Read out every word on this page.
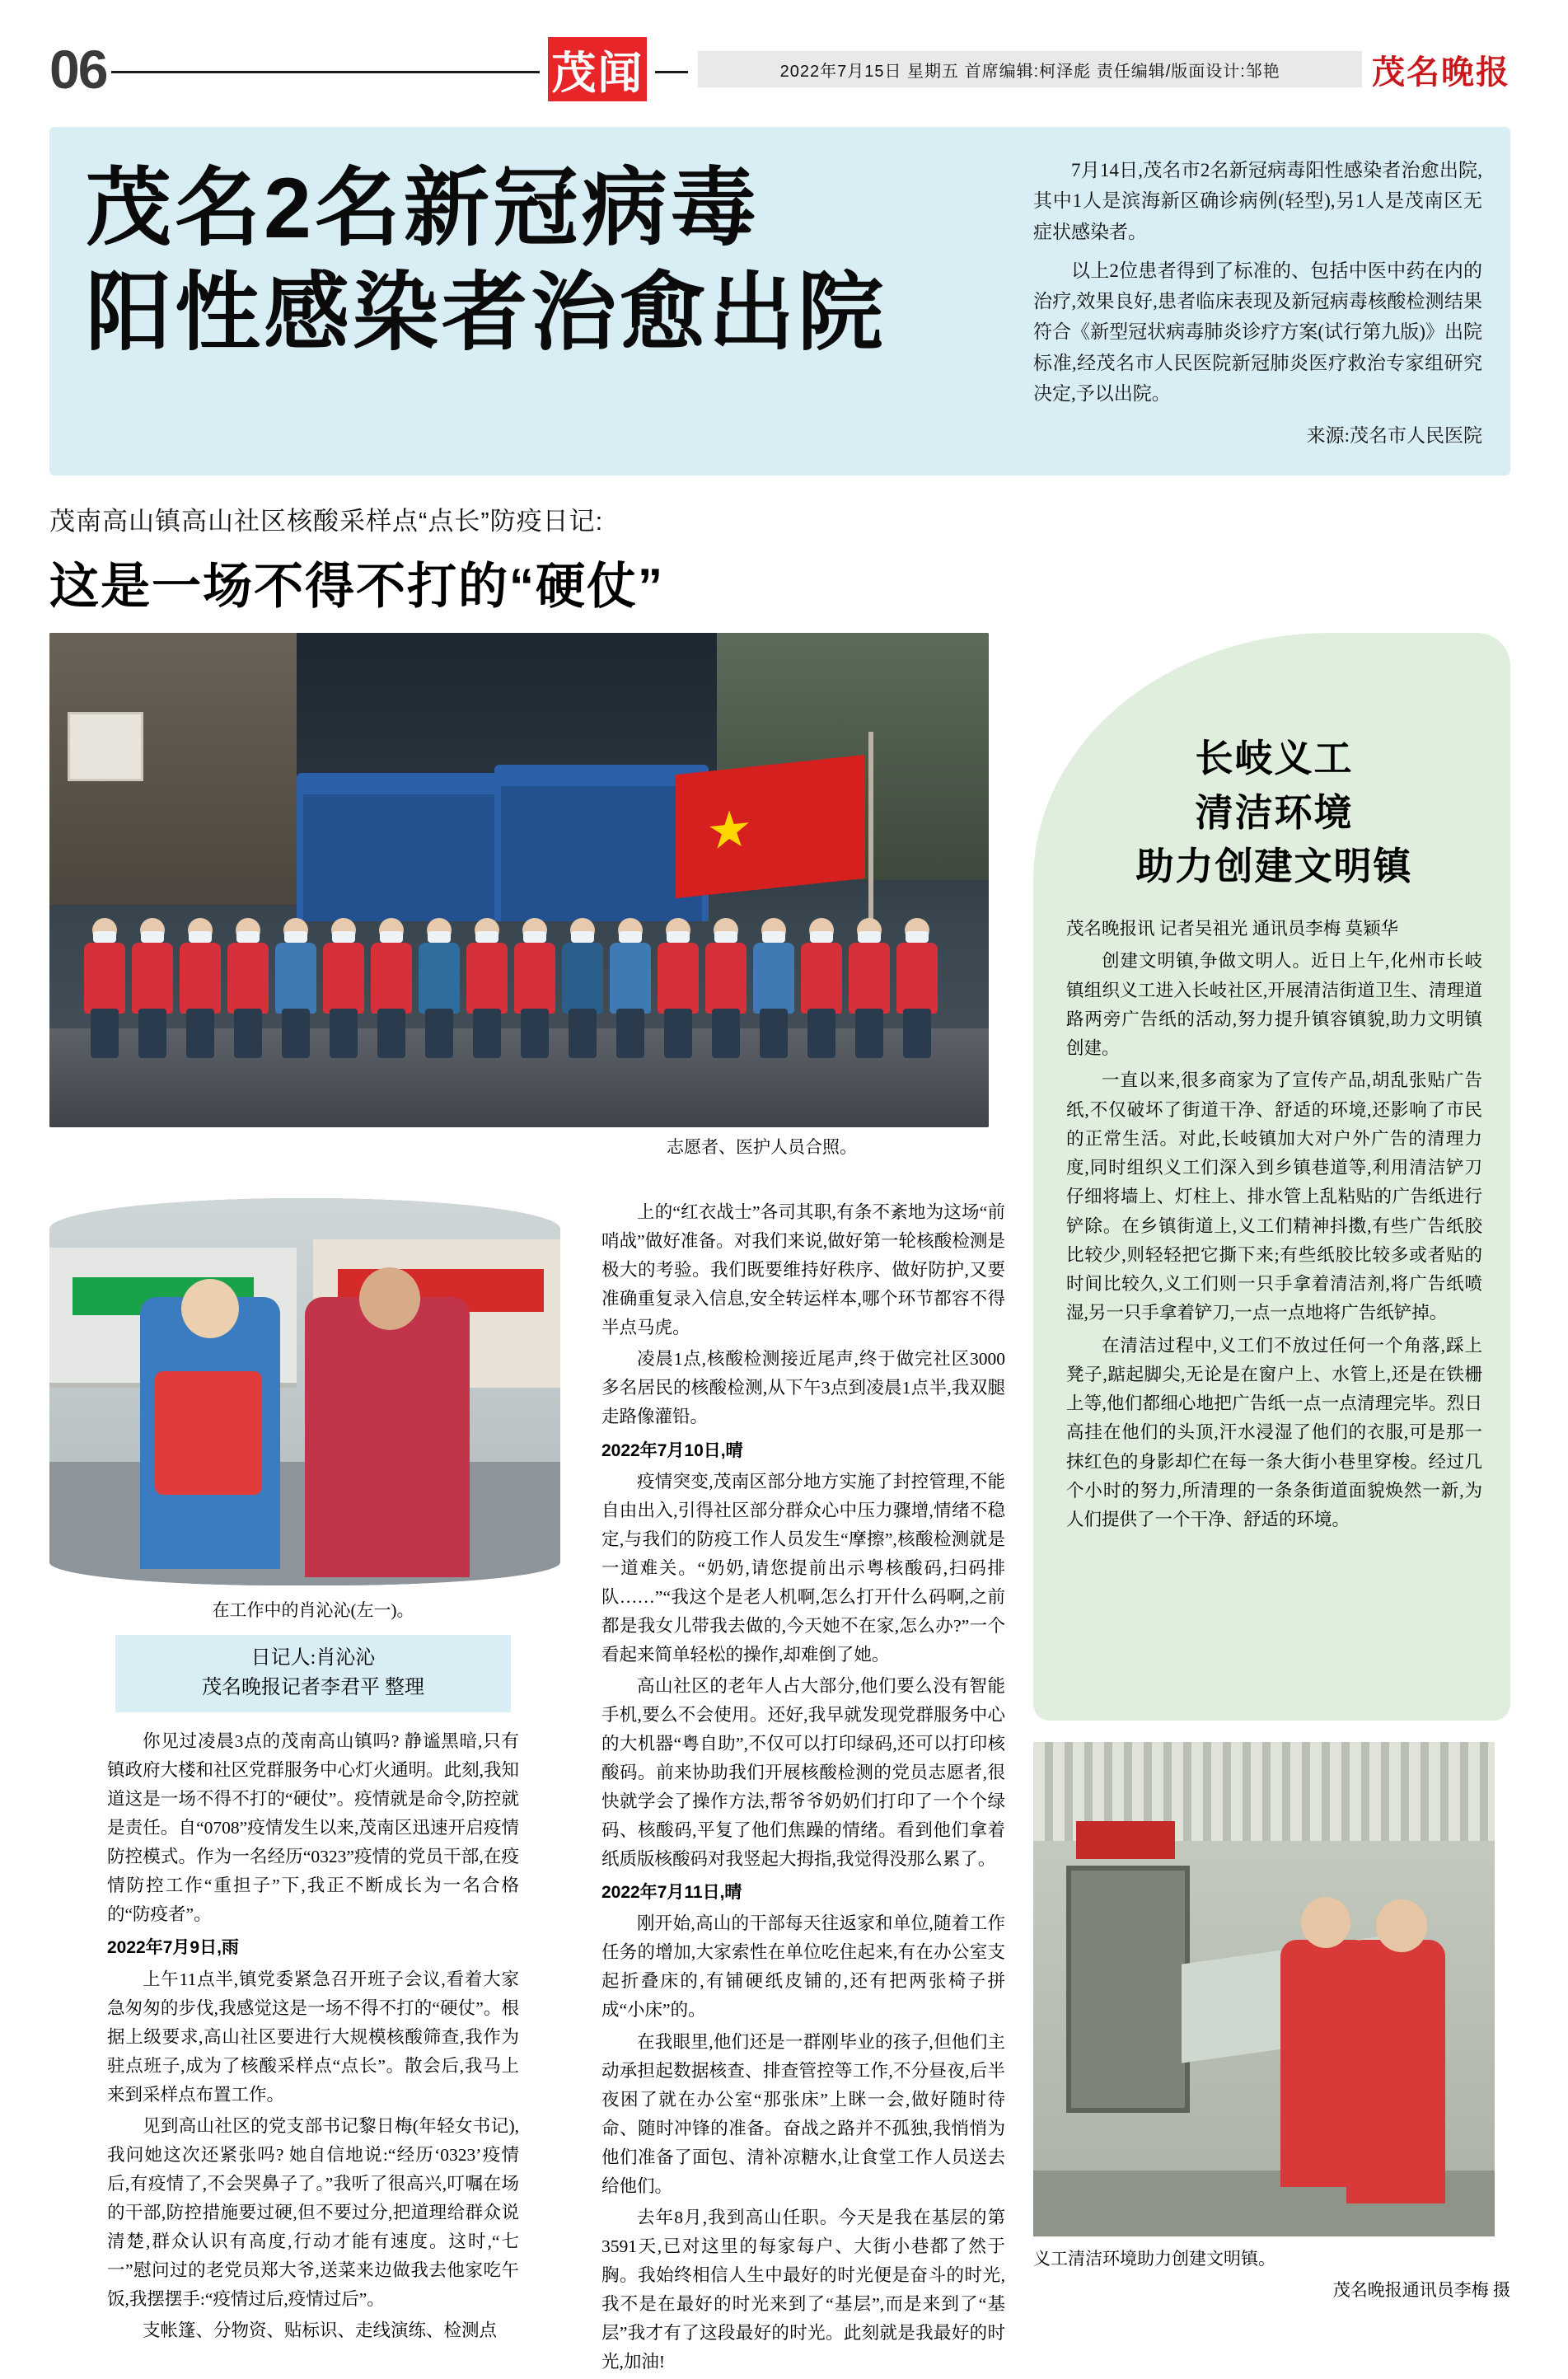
06	茂闻	2022年7月15日 星期五 首席编辑:柯泽彪 责任编辑/版面设计:邹艳	茂名晚报
茂名2名新冠病毒
阳性感染者治愈出院

7月14日,茂名市2名新冠病毒阳性感染者治愈出院,其中1人是滨海新区确诊病例(轻型),另1人是茂南区无症状感染者。

以上2位患者得到了标准的、包括中医中药在内的治疗,效果良好,患者临床表现及新冠病毒核酸检测结果符合《新型冠状病毒肺炎诊疗方案(试行第九版)》出院标准,经茂名市人民医院新冠肺炎医疗救治专家组研究决定,予以出院。

来源:茂名市人民医院

茂南高山镇高山社区核酸采样点“点长”防疫日记:
这是一场不得不打的“硬仗”
★
志愿者、医护人员合照。
在工作中的肖沁沁(左一)。
日记人:肖沁沁
茂名晚报记者李君平 整理

你见过凌晨3点的茂南高山镇吗? 静谧黑暗,只有镇政府大楼和社区党群服务中心灯火通明。此刻,我知道这是一场不得不打的“硬仗”。疫情就是命令,防控就是责任。自“0708”疫情发生以来,茂南区迅速开启疫情防控模式。作为一名经历“0323”疫情的党员干部,在疫情防控工作“重担子”下,我正不断成长为一名合格的“防疫者”。

2022年7月9日,雨

上午11点半,镇党委紧急召开班子会议,看着大家急匆匆的步伐,我感觉这是一场不得不打的“硬仗”。根据上级要求,高山社区要进行大规模核酸筛查,我作为驻点班子,成为了核酸采样点“点长”。散会后,我马上来到采样点布置工作。

见到高山社区的党支部书记黎日梅(年轻女书记),我问她这次还紧张吗? 她自信地说:“经历‘0323’疫情后,有疫情了,不会哭鼻子了。”我听了很高兴,叮嘱在场的干部,防控措施要过硬,但不要过分,把道理给群众说清楚,群众认识有高度,行动才能有速度。这时,“七一”慰问过的老党员郑大爷,送菜来边做我去他家吃午饭,我摆摆手:“疫情过后,疫情过后”。

支帐篷、分物资、贴标识、走线演练、检测点

上的“红衣战士”各司其职,有条不紊地为这场“前哨战”做好准备。对我们来说,做好第一轮核酸检测是极大的考验。我们既要维持好秩序、做好防护,又要准确重复录入信息,安全转运样本,哪个环节都容不得半点马虎。

凌晨1点,核酸检测接近尾声,终于做完社区3000多名居民的核酸检测,从下午3点到凌晨1点半,我双腿走路像灌铅。

2022年7月10日,晴

疫情突变,茂南区部分地方实施了封控管理,不能自由出入,引得社区部分群众心中压力骤增,情绪不稳定,与我们的防疫工作人员发生“摩擦”,核酸检测就是一道难关。“奶奶,请您提前出示粤核酸码,扫码排队……”“我这个是老人机啊,怎么打开什么码啊,之前都是我女儿带我去做的,今天她不在家,怎么办?”一个看起来简单轻松的操作,却难倒了她。

高山社区的老年人占大部分,他们要么没有智能手机,要么不会使用。还好,我早就发现党群服务中心的大机器“粤自助”,不仅可以打印绿码,还可以打印核酸码。前来协助我们开展核酸检测的党员志愿者,很快就学会了操作方法,帮爷爷奶奶们打印了一个个绿码、核酸码,平复了他们焦躁的情绪。看到他们拿着纸质版核酸码对我竖起大拇指,我觉得没那么累了。

2022年7月11日,晴

刚开始,高山的干部每天往返家和单位,随着工作任务的增加,大家索性在单位吃住起来,有在办公室支起折叠床的,有铺硬纸皮铺的,还有把两张椅子拼成“小床”的。

在我眼里,他们还是一群刚毕业的孩子,但他们主动承担起数据核查、排查管控等工作,不分昼夜,后半夜困了就在办公室“那张床”上眯一会,做好随时待命、随时冲锋的准备。奋战之路并不孤独,我悄悄为他们准备了面包、清补凉糖水,让食堂工作人员送去给他们。

去年8月,我到高山任职。今天是我在基层的第3591天,已对这里的每家每户、大街小巷都了然于胸。我始终相信人生中最好的时光便是奋斗的时光,我不是在最好的时光来到了“基层”,而是来到了“基层”我才有了这段最好的时光。此刻就是我最好的时光,加油!

长岐义工
清洁环境
助力创建文明镇

茂名晚报讯 记者吴祖光 通讯员李梅 莫颖华

创建文明镇,争做文明人。近日上午,化州市长岐镇组织义工进入长岐社区,开展清洁街道卫生、清理道路两旁广告纸的活动,努力提升镇容镇貌,助力文明镇创建。

一直以来,很多商家为了宣传产品,胡乱张贴广告纸,不仅破坏了街道干净、舒适的环境,还影响了市民的正常生活。对此,长岐镇加大对户外广告的清理力度,同时组织义工们深入到乡镇巷道等,利用清洁铲刀仔细将墙上、灯柱上、排水管上乱粘贴的广告纸进行铲除。在乡镇街道上,义工们精神抖擞,有些广告纸胶比较少,则轻轻把它撕下来;有些纸胶比较多或者贴的时间比较久,义工们则一只手拿着清洁剂,将广告纸喷湿,另一只手拿着铲刀,一点一点地将广告纸铲掉。

在清洁过程中,义工们不放过任何一个角落,踩上凳子,踮起脚尖,无论是在窗户上、水管上,还是在铁栅上等,他们都细心地把广告纸一点一点清理完毕。烈日高挂在他们的头顶,汗水浸湿了他们的衣服,可是那一抹红色的身影却伫在每一条大街小巷里穿梭。经过几个小时的努力,所清理的一条条街道面貌焕然一新,为人们提供了一个干净、舒适的环境。

义工清洁环境助力创建文明镇。
茂名晚报通讯员李梅 摄
